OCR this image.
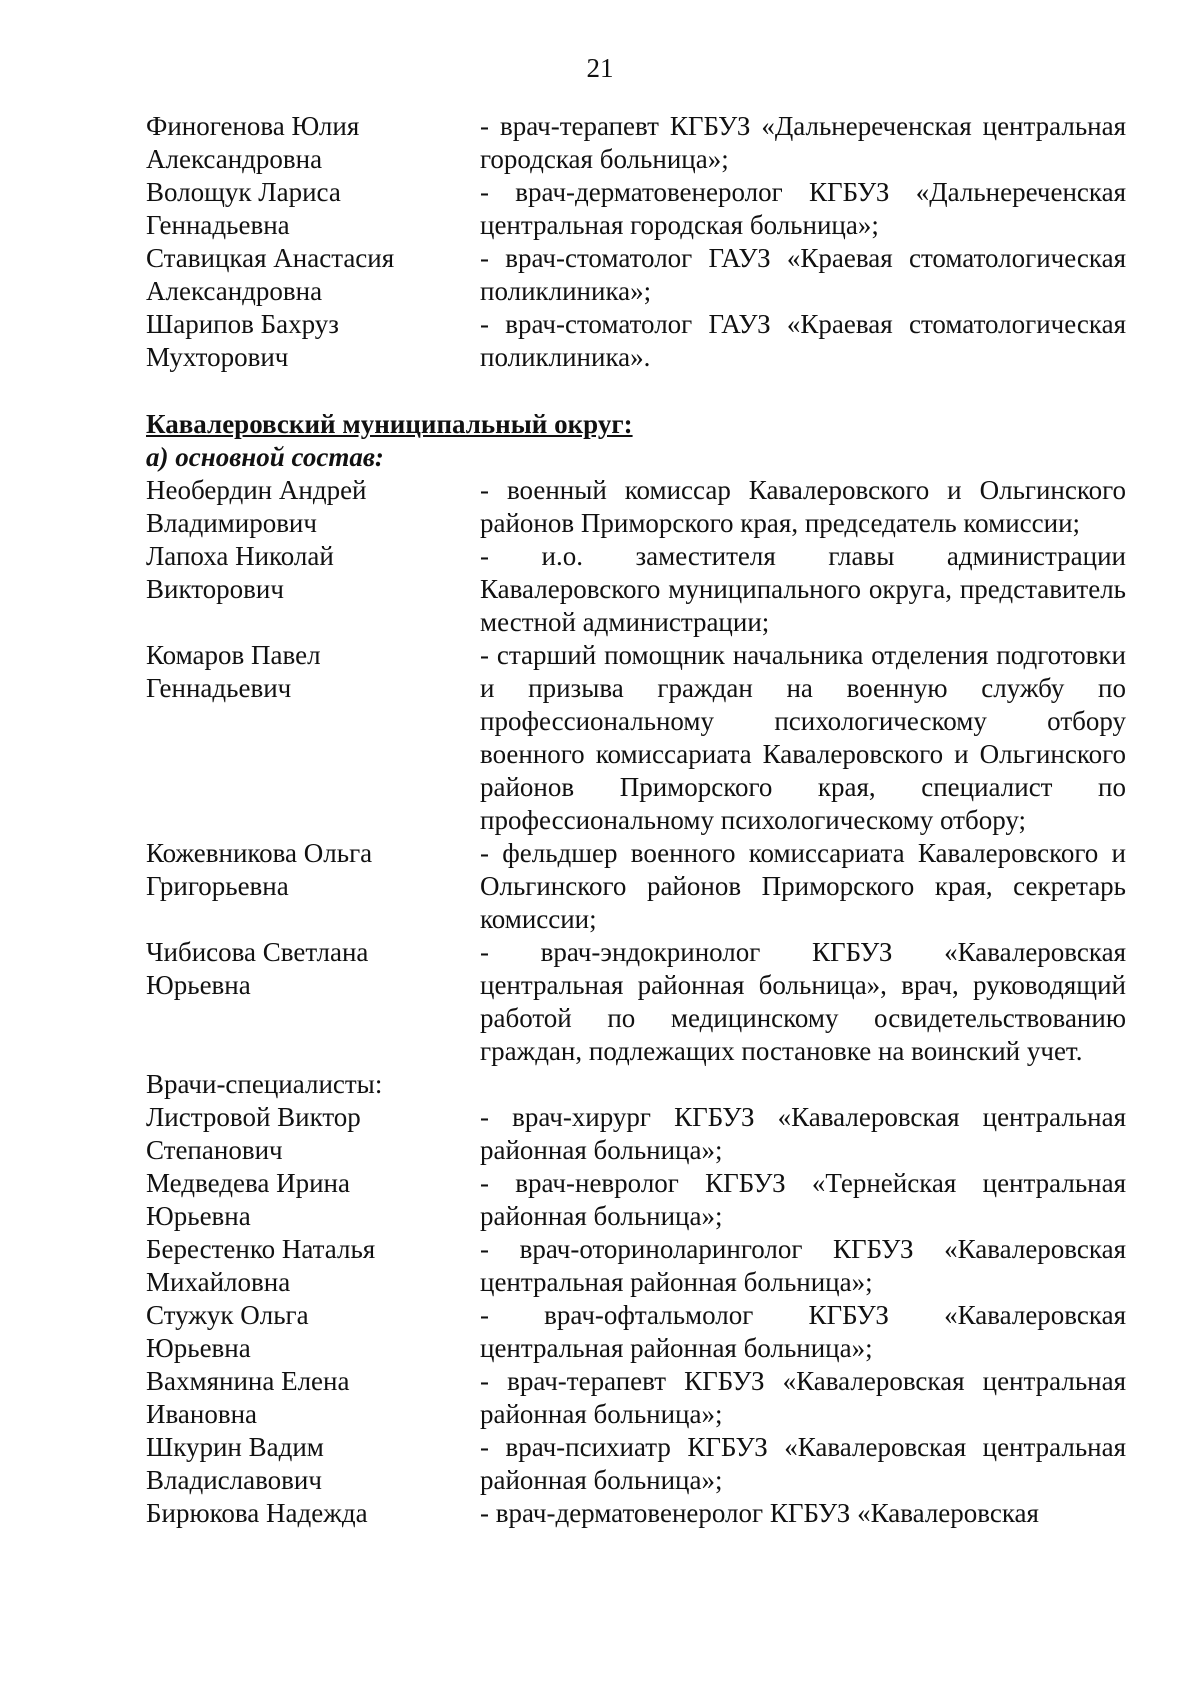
21
Финогенова Юлия
Александровна
- врач-терапевт КГБУЗ «Дальнереченская центральная городская больница»;
Волощук Лариса
Геннадьевна
- врач-дерматовенеролог КГБУЗ «Дальнереченская центральная городская больница»;
Ставицкая Анастасия
Александровна
- врач-стоматолог ГАУЗ «Краевая стоматологическая поликлиника»;
Шарипов Бахруз
Мухторович
- врач-стоматолог ГАУЗ «Краевая стоматологическая поликлиника».
Кавалеровский муниципальный округ:
а) основной состав:
Необердин Андрей
Владимирович
- военный комиссар Кавалеровского и Ольгинского районов Приморского края, председатель комиссии;
Лапоха Николай
Викторович
- и.о. заместителя главы администрации Кавалеровского муниципального округа, представитель местной администрации;
Комаров Павел
Геннадьевич
- старший помощник начальника отделения подготовки и призыва граждан на военную службу по профессиональному психологическому отбору военного комиссариата Кавалеровского и Ольгинского районов Приморского края, специалист по профессиональному психологическому отбору;
Кожевникова Ольга
Григорьевна
- фельдшер военного комиссариата Кавалеровского и Ольгинского районов Приморского края, секретарь комиссии;
Чибисова Светлана
Юрьевна
- врач-эндокринолог КГБУЗ «Кавалеровская центральная районная больница», врач, руководящий работой по медицинскому освидетельствованию граждан, подлежащих постановке на воинский учет.
Врачи-специалисты:
Листровой Виктор
Степанович
- врач-хирург КГБУЗ «Кавалеровская центральная районная больница»;
Медведева Ирина
Юрьевна
- врач-невролог КГБУЗ «Тернейская центральная районная больница»;
Берестенко Наталья
Михайловна
- врач-оториноларинголог КГБУЗ «Кавалеровская центральная районная больница»;
Стужук Ольга
Юрьевна
- врач-офтальмолог КГБУЗ «Кавалеровская центральная районная больница»;
Вахмянина Елена
Ивановна
- врач-терапевт КГБУЗ «Кавалеровская центральная районная больница»;
Шкурин Вадим
Владиславович
- врач-психиатр КГБУЗ «Кавалеровская центральная районная больница»;
Бирюкова Надежда	- врач-дерматовенеролог КГБУЗ «Кавалеровская
